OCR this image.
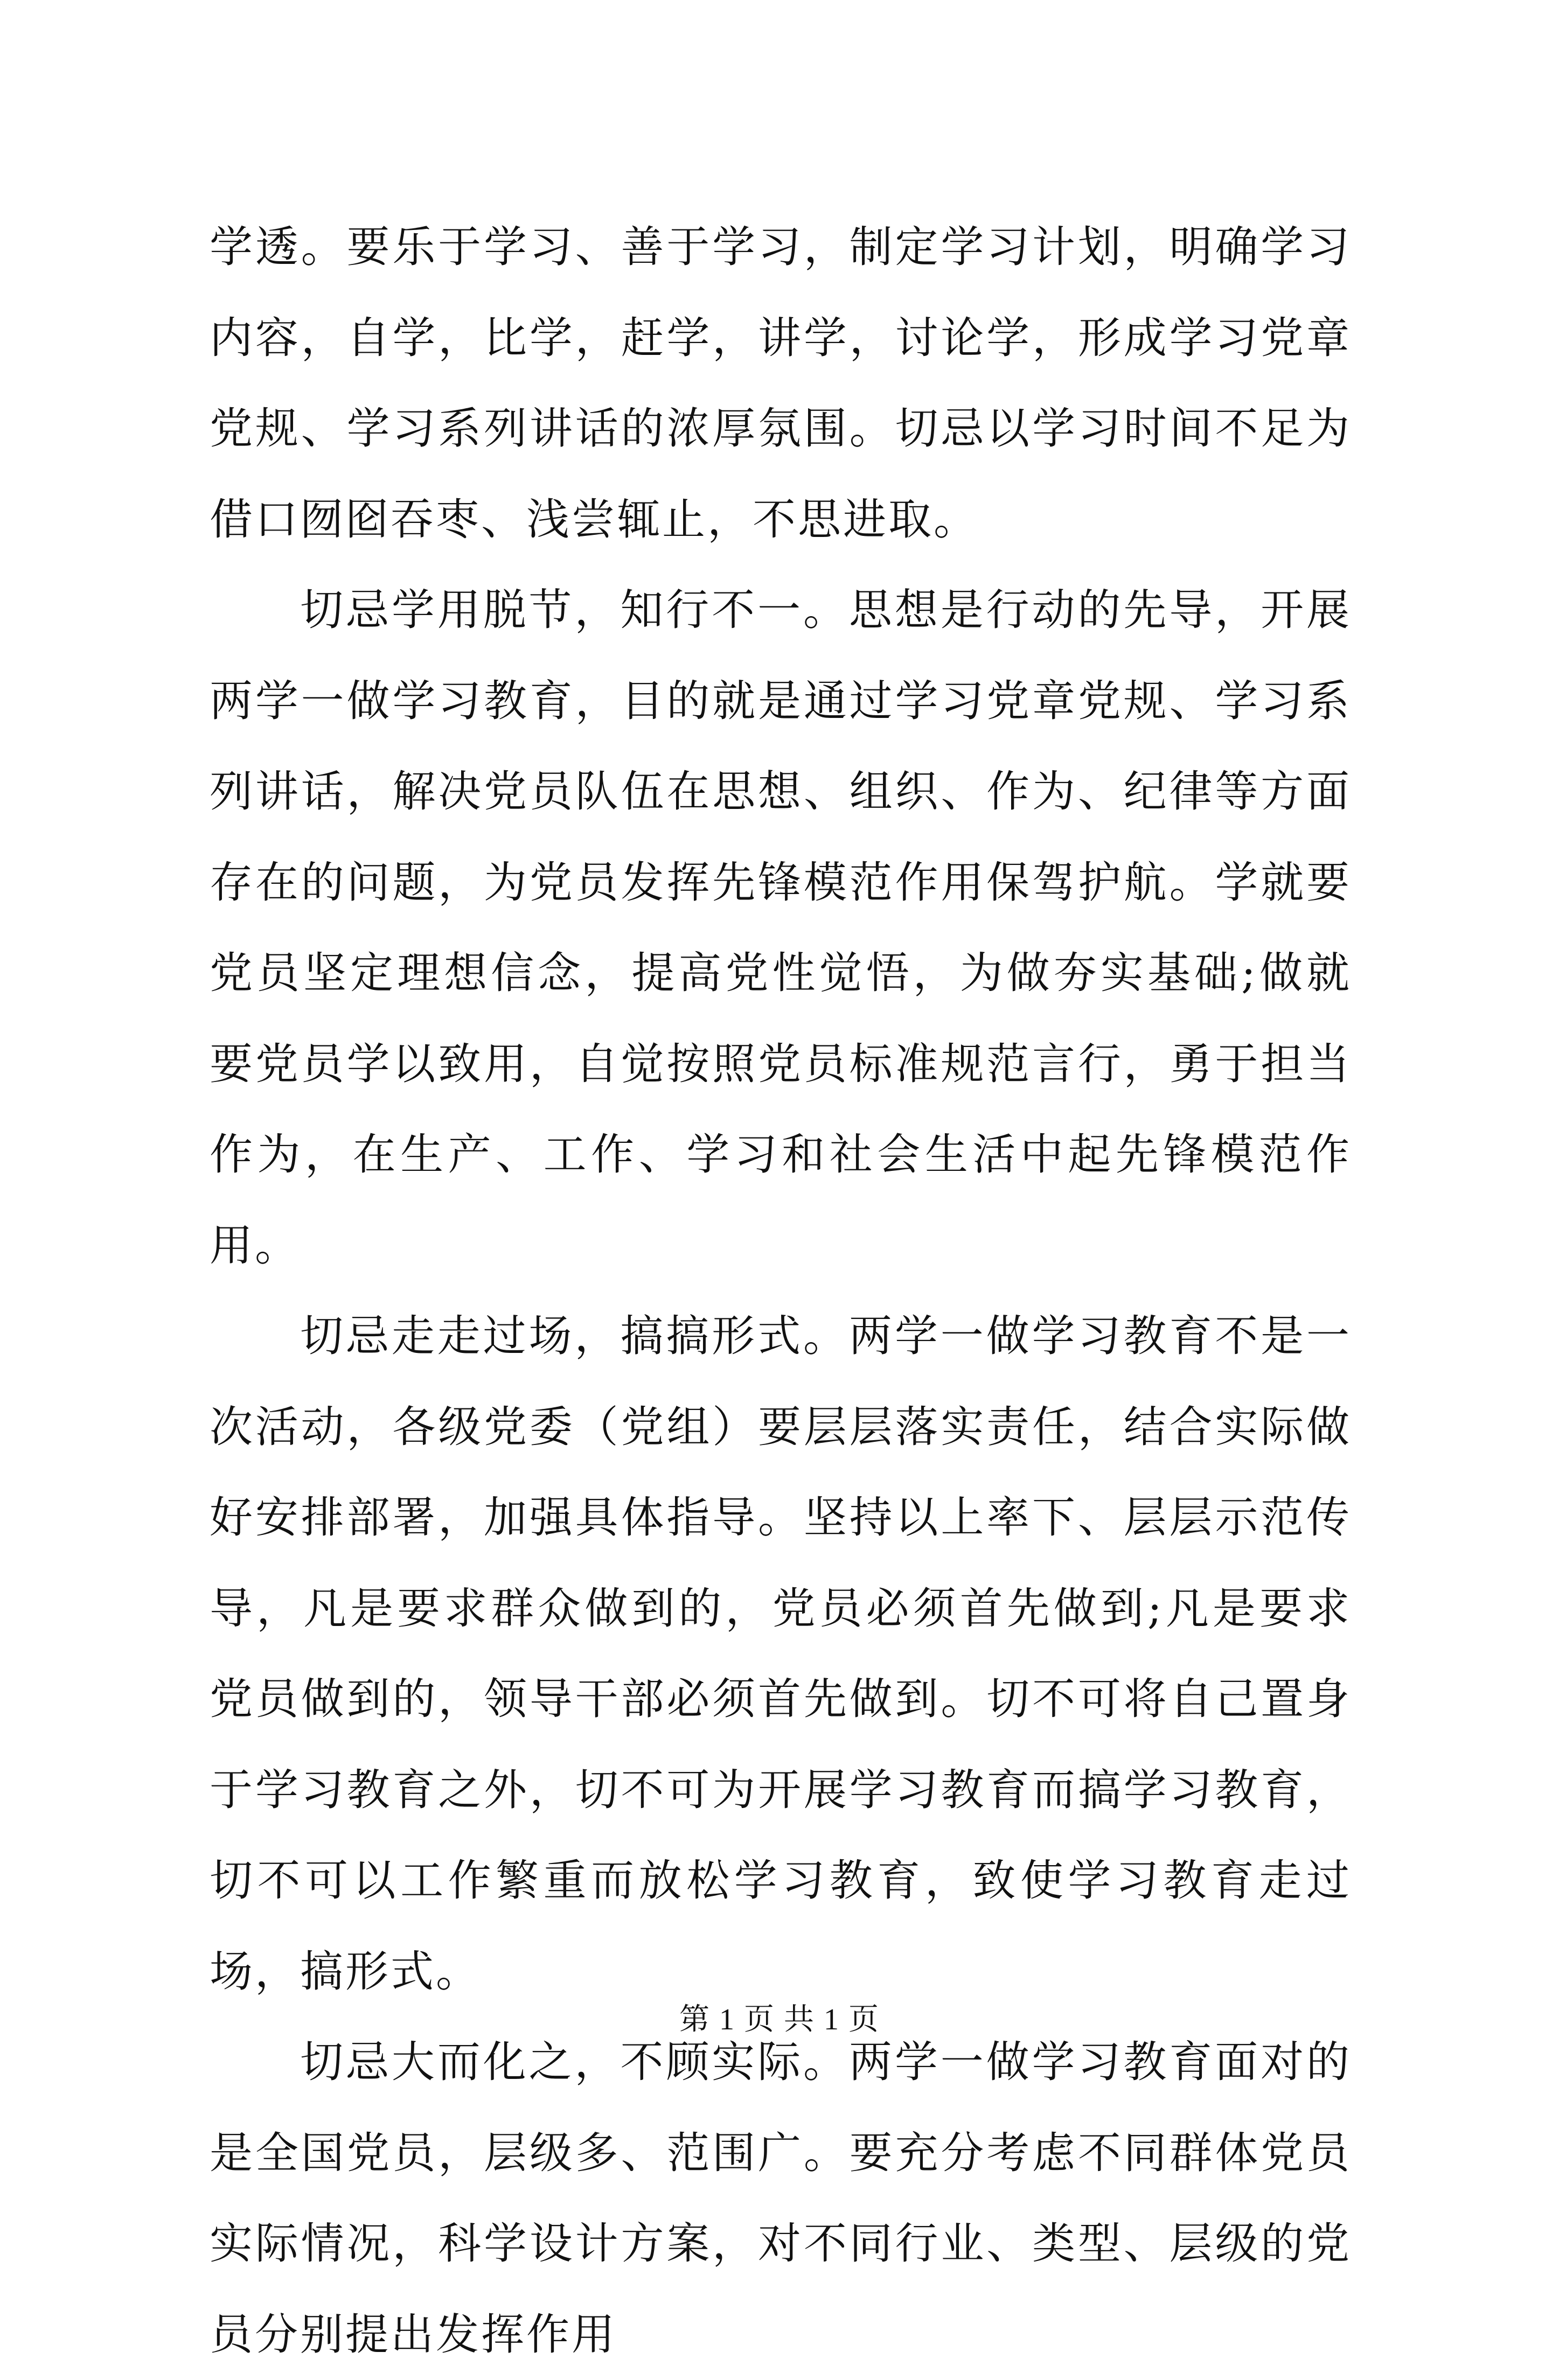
学透。要乐于学习、善于学习，制定学习计划，明确学习内容，自学，比学，赶学，讲学，讨论学，形成学习党章党规、学习系列讲话的浓厚氛围。切忌以学习时间不足为借口囫囵吞枣、浅尝辄止，不思进取。

切忌学用脱节，知行不一。思想是行动的先导，开展两学一做学习教育，目的就是通过学习党章党规、学习系列讲话，解决党员队伍在思想、组织、作为、纪律等方面存在的问题，为党员发挥先锋模范作用保驾护航。学就要党员坚定理想信念，提高党性觉悟，为做夯实基础;做就要党员学以致用，自觉按照党员标准规范言行，勇于担当作为，在生产、工作、学习和社会生活中起先锋模范作用。

切忌走走过场，搞搞形式。两学一做学习教育不是一次活动，各级党委（党组）要层层落实责任，结合实际做好安排部署，加强具体指导。坚持以上率下、层层示范传导，凡是要求群众做到的，党员必须首先做到;凡是要求党员做到的，领导干部必须首先做到。切不可将自己置身于学习教育之外，切不可为开展学习教育而搞学习教育，切不可以工作繁重而放松学习教育，致使学习教育走过场，搞形式。

切忌大而化之，不顾实际。两学一做学习教育面对的是全国党员，层级多、范围广。要充分考虑不同群体党员实际情况，科学设计方案，对不同行业、类型、层级的党员分别提出发挥作用

第 1 页 共 1 页
